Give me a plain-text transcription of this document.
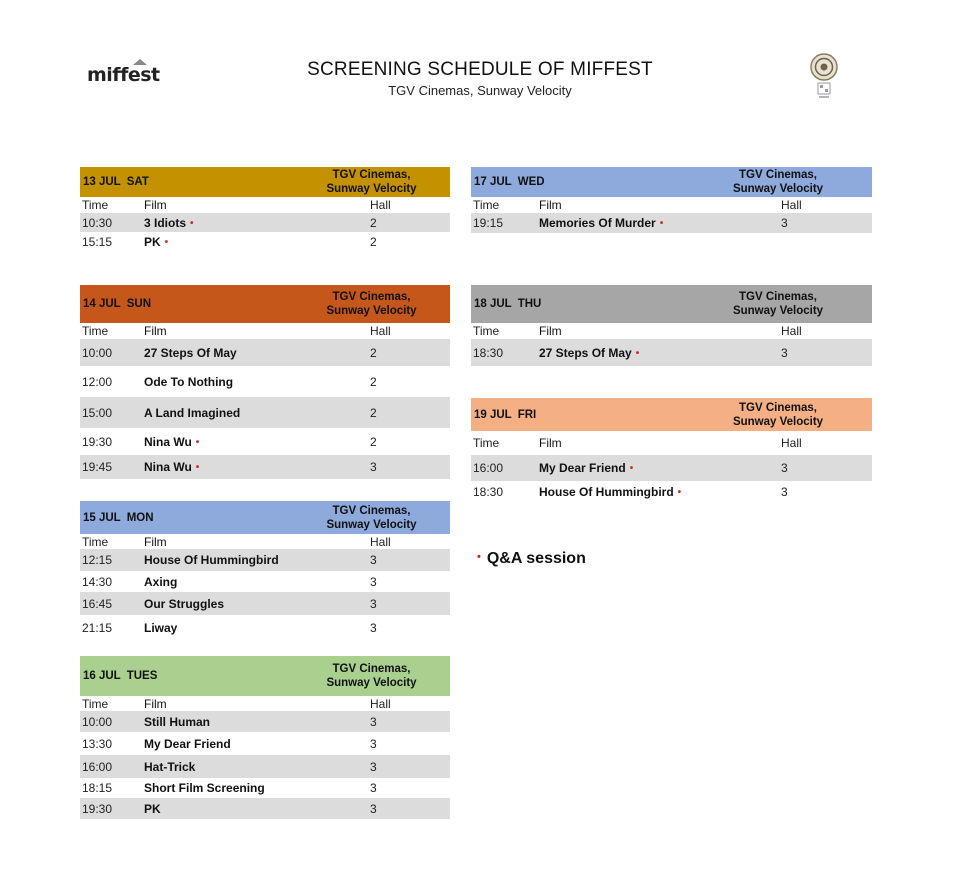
miffest	SCREENING SCHEDULE OF MIFFEST
TGV Cinemas, Sunway Velocity
13 JUL SAT
TGV Cinemas,
Sunway Velocity
Time	Film	Hall
10:30	3 Idiots •	2
15:15	PK •	2
14 JUL SUN
TGV Cinemas,
Sunway Velocity
Time	Film	Hall
10:00	27 Steps Of May	2
12:00	Ode To Nothing	2
15:00	A Land Imagined	2
19:30	Nina Wu •	2
19:45	Nina Wu •	3
15 JUL MON
TGV Cinemas,
Sunway Velocity
Time	Film	Hall
12:15	House Of Hummingbird	3
14:30	Axing	3
16:45	Our Struggles	3
21:15	Liway	3
16 JUL TUES
TGV Cinemas,
Sunway Velocity
Time	Film	Hall
10:00	Still Human	3
13:30	My Dear Friend	3
16:00	Hat-Trick	3
18:15	Short Film Screening	3
19:30	PK	3
17 JUL WED
TGV Cinemas,
Sunway Velocity
Time	Film	Hall
19:15	Memories Of Murder •	3
18 JUL THU
TGV Cinemas,
Sunway Velocity
Time	Film	Hall
18:30	27 Steps Of May •	3
19 JUL FRI
TGV Cinemas,
Sunway Velocity
Time	Film	Hall
16:00	My Dear Friend •	3
18:30	House Of Hummingbird •	3
• Q&A session
